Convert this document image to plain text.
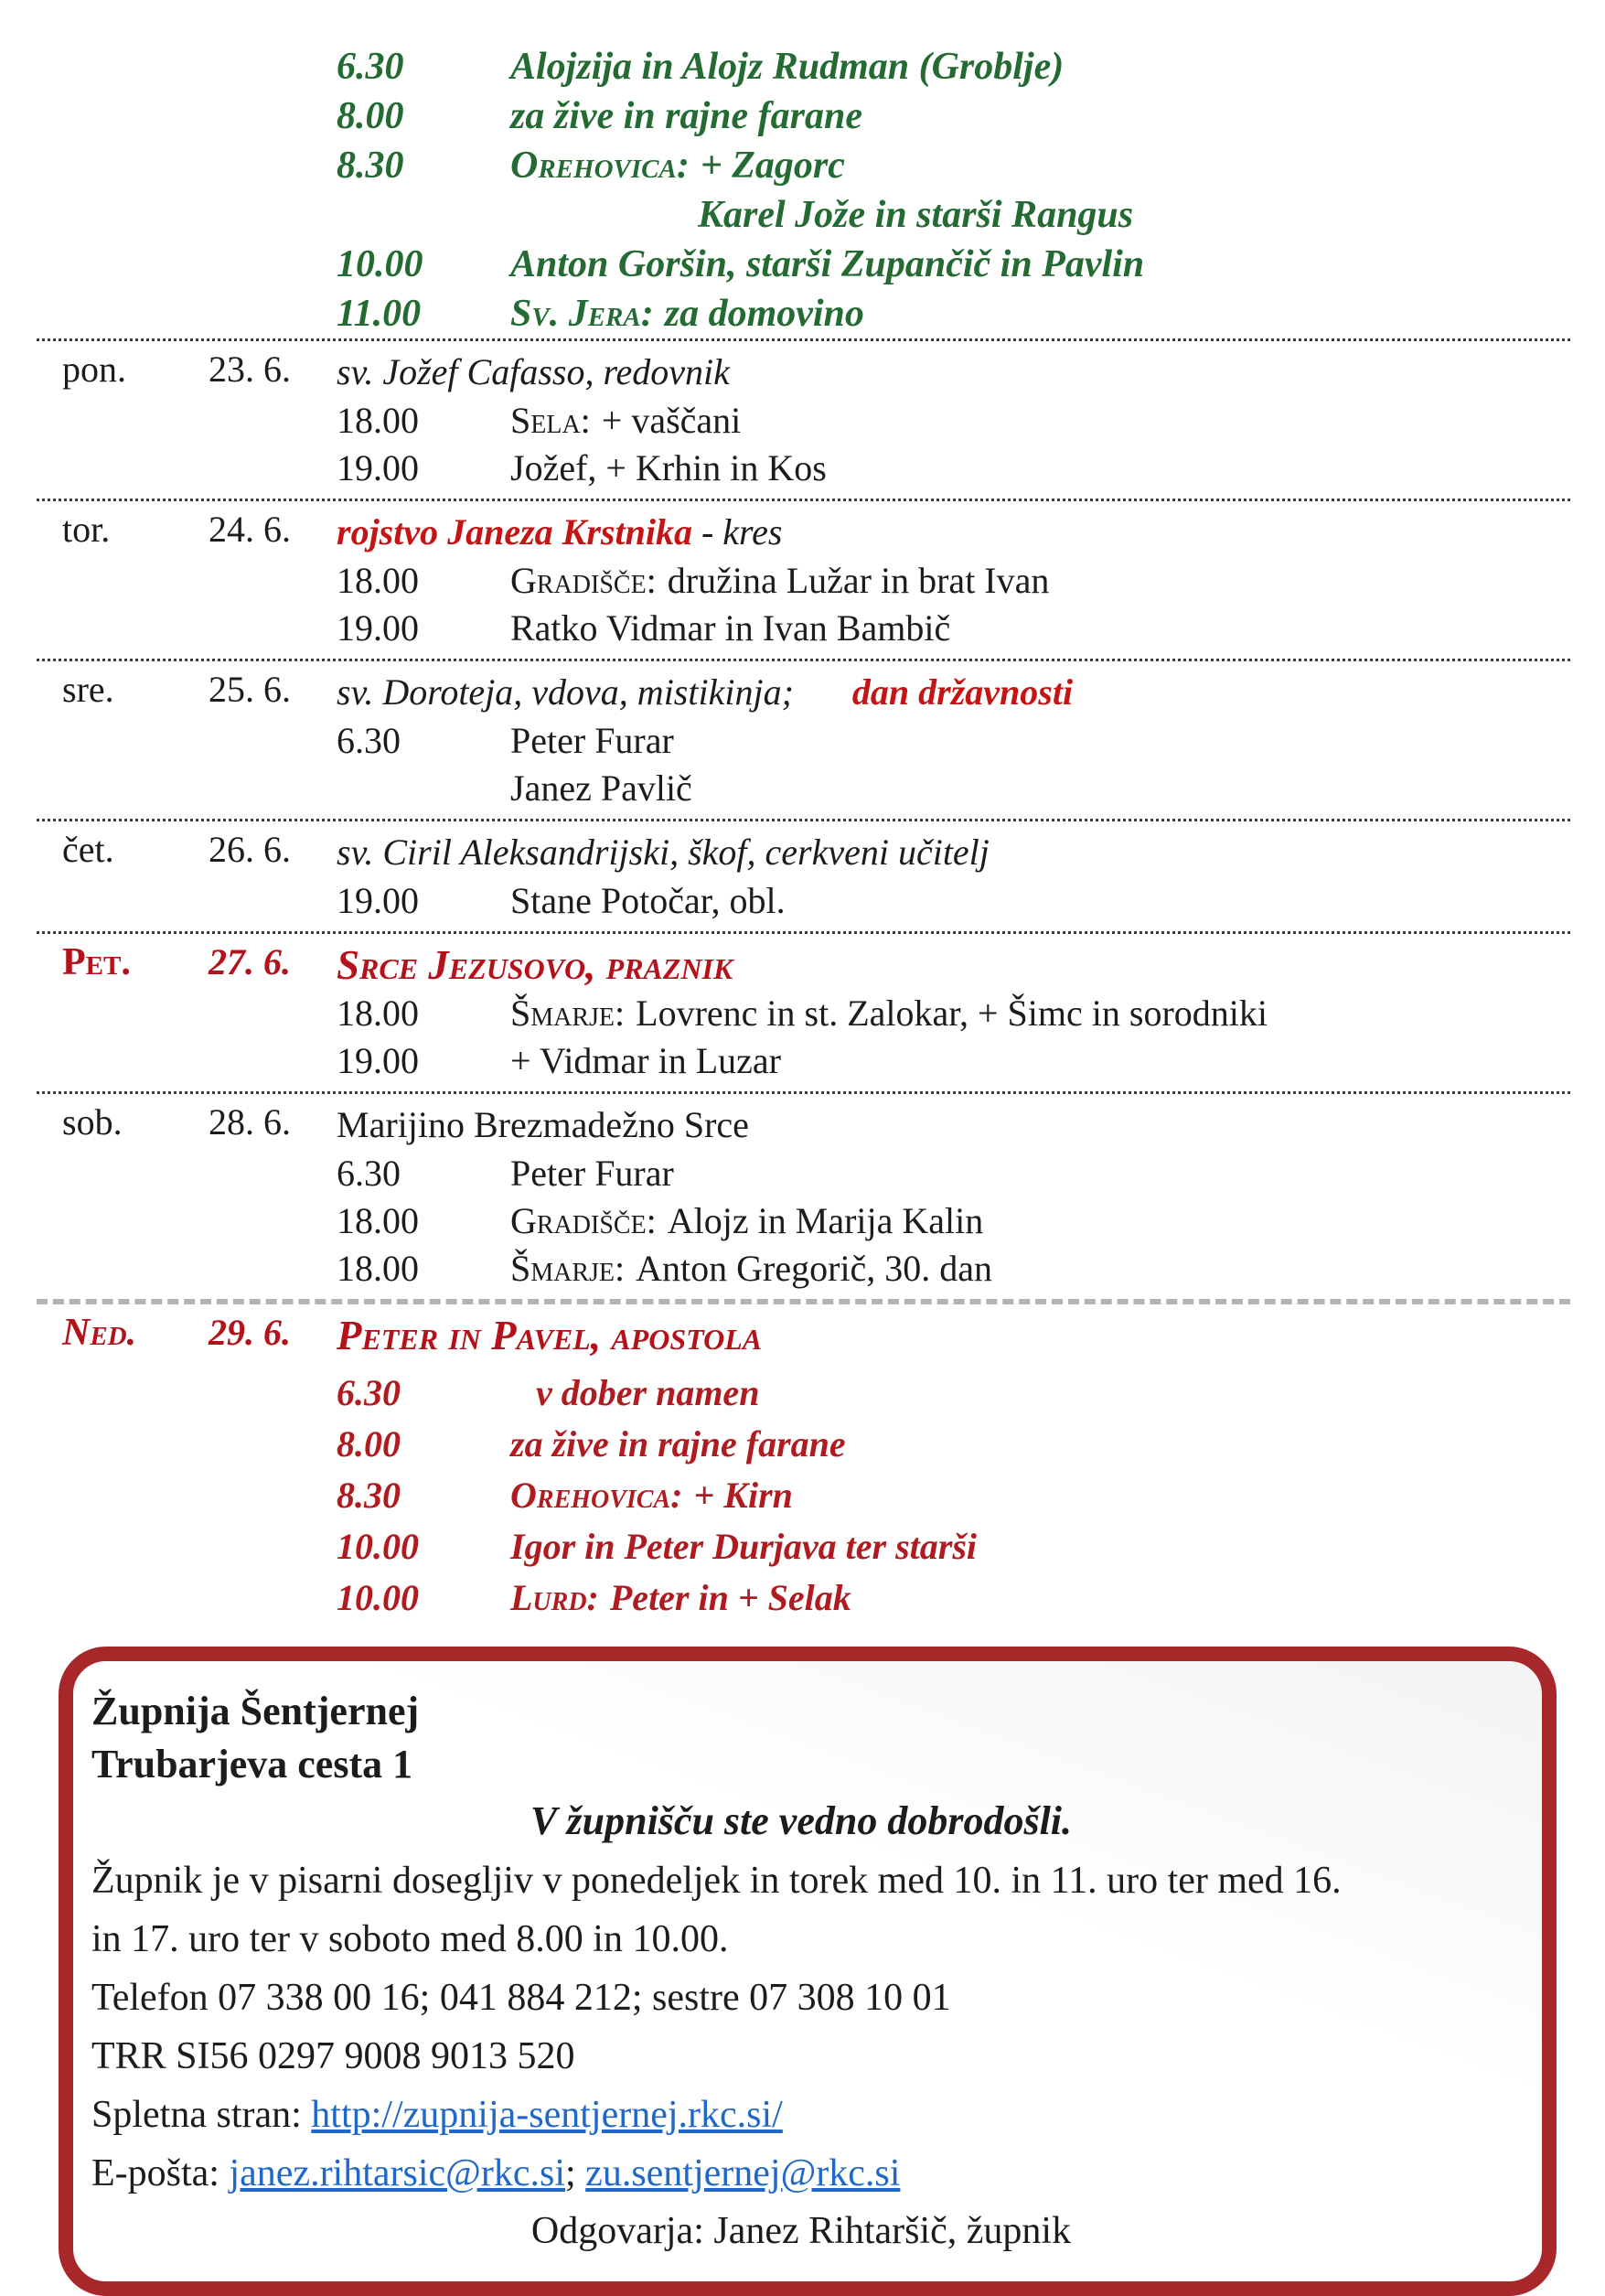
6.30	Alojzija in Alojz Rudman (Groblje)
8.00	za žive in rajne farane
8.30	Orehovica: + Zagorc
Karel Jože in starši Rangus
10.00	Anton Goršin, starši Zupančič in Pavlin
11.00	Sv. Jera: za domovino
pon.	23. 6.	sv. Jožef Cafasso, redovnik
18.00	Sela: + vaščani
19.00	Jožef, + Krhin in Kos
tor.	24. 6.	rojstvo Janeza Krstnika - kres
18.00	Gradišče: družina Lužar in brat Ivan
19.00	Ratko Vidmar in Ivan Bambič
sre.	25. 6.	sv. Doroteja, vdova, mistikinja; dan državnosti
6.30	Peter Furar
Janez Pavlič
čet.	26. 6.	sv. Ciril Aleksandrijski, škof, cerkveni učitelj
19.00	Stane Potočar, obl.
Pet.	27. 6.	Srce Jezusovo, praznik
18.00	Šmarje: Lovrenc in st. Zalokar, + Šimc in sorodniki
19.00	+ Vidmar in Luzar
sob.	28. 6.	Marijino Brezmadežno Srce
6.30	Peter Furar
18.00	Gradišče: Alojz in Marija Kalin
18.00	Šmarje: Anton Gregorič, 30. dan
Ned.	29. 6.	Peter in Pavel, apostola
6.30	v dober namen
8.00	za žive in rajne farane
8.30	Orehovica: + Kirn
10.00	Igor in Peter Durjava ter starši
10.00	Lurd: Peter in + Selak
Župnija Šentjernej
Trubarjeva cesta 1
V župnišču ste vedno dobrodošli.
Župnik je v pisarni dosegljiv v ponedeljek in torek med 10. in 11. uro ter med 16.
in 17. uro ter v soboto med 8.00 in 10.00.
Telefon 07 338 00 16; 041 884 212; sestre 07 308 10 01
TRR SI56 0297 9008 9013 520
Spletna stran: http://zupnija-sentjernej.rkc.si/
E-pošta: janez.rihtarsic@rkc.si; zu.sentjernej@rkc.si
Odgovarja: Janez Rihtaršič, župnik
